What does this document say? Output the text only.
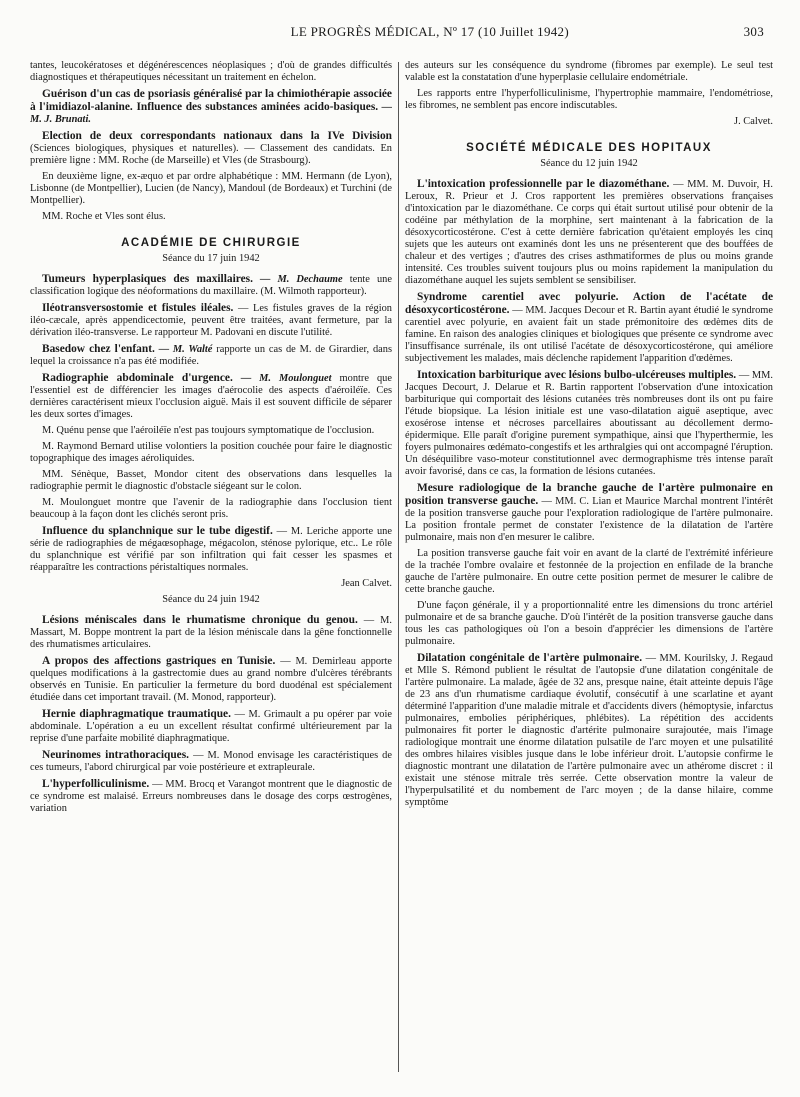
LE PROGRÈS MÉDICAL, Nº 17 (10 Juillet 1942)	303

tantes, leucokératoses et dégénérescences néoplasiques ; d'où de grandes difficultés diagnostiques et thérapeutiques nécessitant un traitement en échelon.

Guérison d'un cas de psoriasis généralisé par la chimiothérapie associée à l'imidiazol-alanine. Influence des substances aminées acido-basiques. — M. J. Brunati.

Election de deux correspondants nationaux dans la IVe Division (Sciences biologiques, physiques et naturelles). — Classement des candidats. En première ligne : MM. Roche (de Marseille) et Vles (de Strasbourg).

En deuxième ligne, ex-æquo et par ordre alphabétique : MM. Hermann (de Lyon), Lisbonne (de Montpellier), Lucien (de Nancy), Mandoul (de Bordeaux) et Turchini (de Montpellier).

MM. Roche et Vles sont élus.

ACADÉMIE DE CHIRURGIE
Séance du 17 juin 1942

Tumeurs hyperplasiques des maxillaires. — M. Dechaume tente une classification logique des néoformations du maxillaire. (M. Wilmoth rapporteur).

Iléotransversostomie et fistules iléales. — Les fistules graves de la région iléo-cæcale, après appendicectomie, peuvent être traitées, avant fermeture, par la dérivation iléo-transverse. Le rapporteur M. Padovani en discute l'utilité.

Basedow chez l'enfant. — M. Walté rapporte un cas de M. de Girardier, dans lequel la croissance n'a pas été modifiée.

Radiographie abdominale d'urgence. — M. Moulonguet montre que l'essentiel est de différencier les images d'aérocolie des aspects d'aéroiléïe. Ces dernières caractérisent mieux l'occlusion aiguë. Mais il est souvent difficile de séparer les deux sortes d'images.

M. Quénu pense que l'aéroiléïe n'est pas toujours symptomatique de l'occlusion.

M. Raymond Bernard utilise volontiers la position couchée pour faire le diagnostic topographique des images aéroliquides.

MM. Sénèque, Basset, Mondor citent des observations dans lesquelles la radiographie permit le diagnostic d'obstacle siégeant sur le colon.

M. Moulonguet montre que l'avenir de la radiographie dans l'occlusion tient beaucoup à la façon dont les clichés seront pris.

Influence du splanchnique sur le tube digestif. — M. Leriche apporte une série de radiographies de mégaœsophage, mégacolon, sténose pylorique, etc.. Le rôle du splanchnique est vérifié par son infiltration qui fait cesser les spasmes et réapparaître les contractions péristaltiques normales.

Jean Calvet.
Séance du 24 juin 1942

Lésions méniscales dans le rhumatisme chronique du genou. — M. Massart, M. Boppe montrent la part de la lésion méniscale dans la gêne fonctionnelle des rhumatismes articulaires.

A propos des affections gastriques en Tunisie. — M. Demirleau apporte quelques modifications à la gastrectomie dues au grand nombre d'ulcères térébrants observés en Tunisie. En particulier la fermeture du bord duodénal est spécialement étudiée dans cet important travail. (M. Monod, rapporteur).

Hernie diaphragmatique traumatique. — M. Grimault a pu opérer par voie abdominale. L'opération a eu un excellent résultat confirmé ultérieurement par la reprise d'une parfaite mobilité diaphragmatique.

Neurinomes intrathoraciques. — M. Monod envisage les caractéristiques de ces tumeurs, l'abord chirurgical par voie postérieure et extrapleurale.

L'hyperfolliculinisme. — MM. Brocq et Varangot montrent que le diagnostic de ce syndrome est malaisé. Erreurs nombreuses dans le dosage des corps œstrogènes, variation

des auteurs sur les conséquence du syndrome (fibromes par exemple). Le seul test valable est la constatation d'une hyperplasie cellulaire endométriale.

Les rapports entre l'hyperfolliculinisme, l'hypertrophie mammaire, l'endométriose, les fibromes, ne semblent pas encore indiscutables.

J. Calvet.
SOCIÉTÉ MÉDICALE DES HOPITAUX
Séance du 12 juin 1942

L'intoxication professionnelle par le diazométhane. — MM. M. Duvoir, H. Leroux, R. Prieur et J. Cros rapportent les premières observations françaises d'intoxication par le diazométhane. Ce corps qui était surtout utilisé pour obtenir de la codéine par méthylation de la morphine, sert maintenant à la fabrication de la désoxycorticostérone. C'est à cette dernière fabrication qu'étaient employés les cinq sujets que les auteurs ont examinés dont les uns ne présenterent que des bouffées de chaleur et des vertiges ; d'autres des crises asthmatiformes de plus ou moins grande intensité. Ces troubles suivent toujours plus ou moins rapidement la manipulation du diazométhane auquel les sujets semblent se sensibiliser.

Syndrome carentiel avec polyurie. Action de l'acétate de désoxycorticostérone. — MM. Jacques Decour et R. Bartin ayant étudié le syndrome carentiel avec polyurie, en avaient fait un stade prémonitoire des œdèmes dits de famine. En raison des analogies cliniques et biologiques que présente ce syndrome avec l'insuffisance surrénale, ils ont utilisé l'acétate de désoxycorticostérone, qui améliore subjectivement les malades, mais déclenche rapidement l'apparition d'œdèmes.

Intoxication barbiturique avec lésions bulbo-ulcéreuses multiples. — MM. Jacques Decourt, J. Delarue et R. Bartin rapportent l'observation d'une intoxication barbiturique qui comportait des lésions cutanées très nombreuses dont ils ont pu faire l'étude biopsique. La lésion initiale est une vaso-dilatation aiguë aseptique, avec exosérose intense et nécroses parcellaires aboutissant au décollement dermo-épidermique. Elle paraît d'origine purement sympathique, ainsi que l'hyperthermie, les foyers pulmonaires œdémato-congestifs et les arthralgies qui ont accompagné l'éruption. Un déséquilibre vaso-moteur constitutionnel avec dermographisme très intense paraît avoir favorisé, dans ce cas, la formation de lésions cutanées.

Mesure radiologique de la branche gauche de l'artère pulmonaire en position transverse gauche. — MM. C. Lian et Maurice Marchal montrent l'intérêt de la position transverse gauche pour l'exploration radiologique de l'artère pulmonaire. La position frontale permet de constater l'existence de la dilatation de l'artère pulmonaire, mais non d'en mesurer le calibre.

La position transverse gauche fait voir en avant de la clarté de l'extrémité inférieure de la trachée l'ombre ovalaire et festonnée de la projection en enfilade de la branche gauche de l'artère pulmonaire. En outre cette position permet de mesurer le calibre de cette branche gauche.

D'une façon générale, il y a proportionnalité entre les dimensions du tronc artériel pulmonaire et de sa branche gauche. D'où l'intérêt de la position transverse gauche dans tous les cas pathologiques où l'on a besoin d'apprécier les dimensions de l'artère pulmonaire.

Dilatation congénitale de l'artère pulmonaire. — MM. Kourilsky, J. Regaud et Mlle S. Rémond publient le résultat de l'autopsie d'une dilatation congénitale de l'artère pulmonaire. La malade, âgée de 32 ans, presque naine, était atteinte depuis l'âge de 23 ans d'un rhumatisme cardiaque évolutif, consécutif à une scarlatine et ayant déterminé l'apparition d'une maladie mitrale et d'accidents divers (hémoptysie, infarctus pulmonaires, embolies périphériques, phlébites). La répétition des accidents pulmonaires fit porter le diagnostic d'artérite pulmonaire surajoutée, mais l'image radiologique montrait une énorme dilatation pulsatile de l'arc moyen et une pulsatilité des ombres hilaires visibles jusque dans le lobe inférieur droit. L'autopsie confirme le diagnostic montrant une dilatation de l'artère pulmonaire avec un athérome discret : il existait une sténose mitrale très serrée. Cette observation montre la valeur de l'hyperpulsatilité et du nombement de l'arc moyen ; de la danse hilaire, comme symptôme
